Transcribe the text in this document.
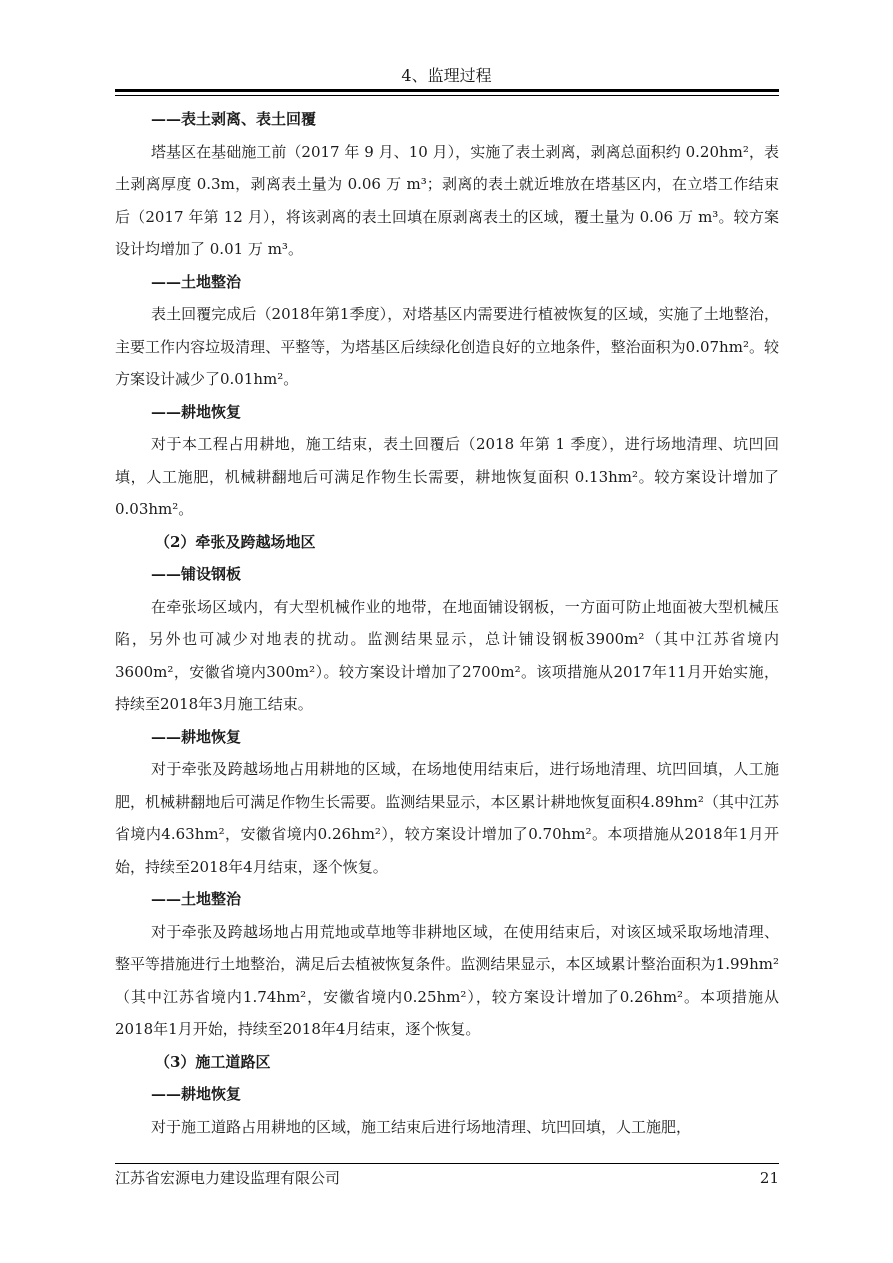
4、监理过程
——表土剥离、表土回覆

塔基区在基础施工前（2017 年 9 月、10 月），实施了表土剥离，剥离总面积约 0.20hm²，表土剥离厚度 0.3m，剥离表土量为 0.06 万 m³；剥离的表土就近堆放在塔基区内，在立塔工作结束后（2017 年第 12 月），将该剥离的表土回填在原剥离表土的区域，覆土量为 0.06 万 m³。较方案设计均增加了 0.01 万 m³。

——土地整治

表土回覆完成后（2018年第1季度），对塔基区内需要进行植被恢复的区域，实施了土地整治，主要工作内容垃圾清理、平整等，为塔基区后续绿化创造良好的立地条件，整治面积为0.07hm²。较方案设计减少了0.01hm²。

——耕地恢复

对于本工程占用耕地，施工结束，表土回覆后（2018 年第 1 季度），进行场地清理、坑凹回填，人工施肥，机械耕翻地后可满足作物生长需要，耕地恢复面积 0.13hm²。较方案设计增加了 0.03hm²。

（2）牵张及跨越场地区
——铺设钢板

在牵张场区域内，有大型机械作业的地带，在地面铺设钢板，一方面可防止地面被大型机械压陷，另外也可减少对地表的扰动。监测结果显示，总计铺设钢板3900m²（其中江苏省境内3600m²，安徽省境内300m²）。较方案设计增加了2700m²。该项措施从2017年11月开始实施，持续至2018年3月施工结束。

——耕地恢复

对于牵张及跨越场地占用耕地的区域，在场地使用结束后，进行场地清理、坑凹回填，人工施肥，机械耕翻地后可满足作物生长需要。监测结果显示，本区累计耕地恢复面积4.89hm²（其中江苏省境内4.63hm²，安徽省境内0.26hm²），较方案设计增加了0.70hm²。本项措施从2018年1月开始，持续至2018年4月结束，逐个恢复。

——土地整治

对于牵张及跨越场地占用荒地或草地等非耕地区域，在使用结束后，对该区域采取场地清理、整平等措施进行土地整治，满足后去植被恢复条件。监测结果显示，本区域累计整治面积为1.99hm²（其中江苏省境内1.74hm²，安徽省境内0.25hm²），较方案设计增加了0.26hm²。本项措施从2018年1月开始，持续至2018年4月结束，逐个恢复。

（3）施工道路区
——耕地恢复

对于施工道路占用耕地的区域，施工结束后进行场地清理、坑凹回填，人工施肥，

江苏省宏源电力建设监理有限公司	21
